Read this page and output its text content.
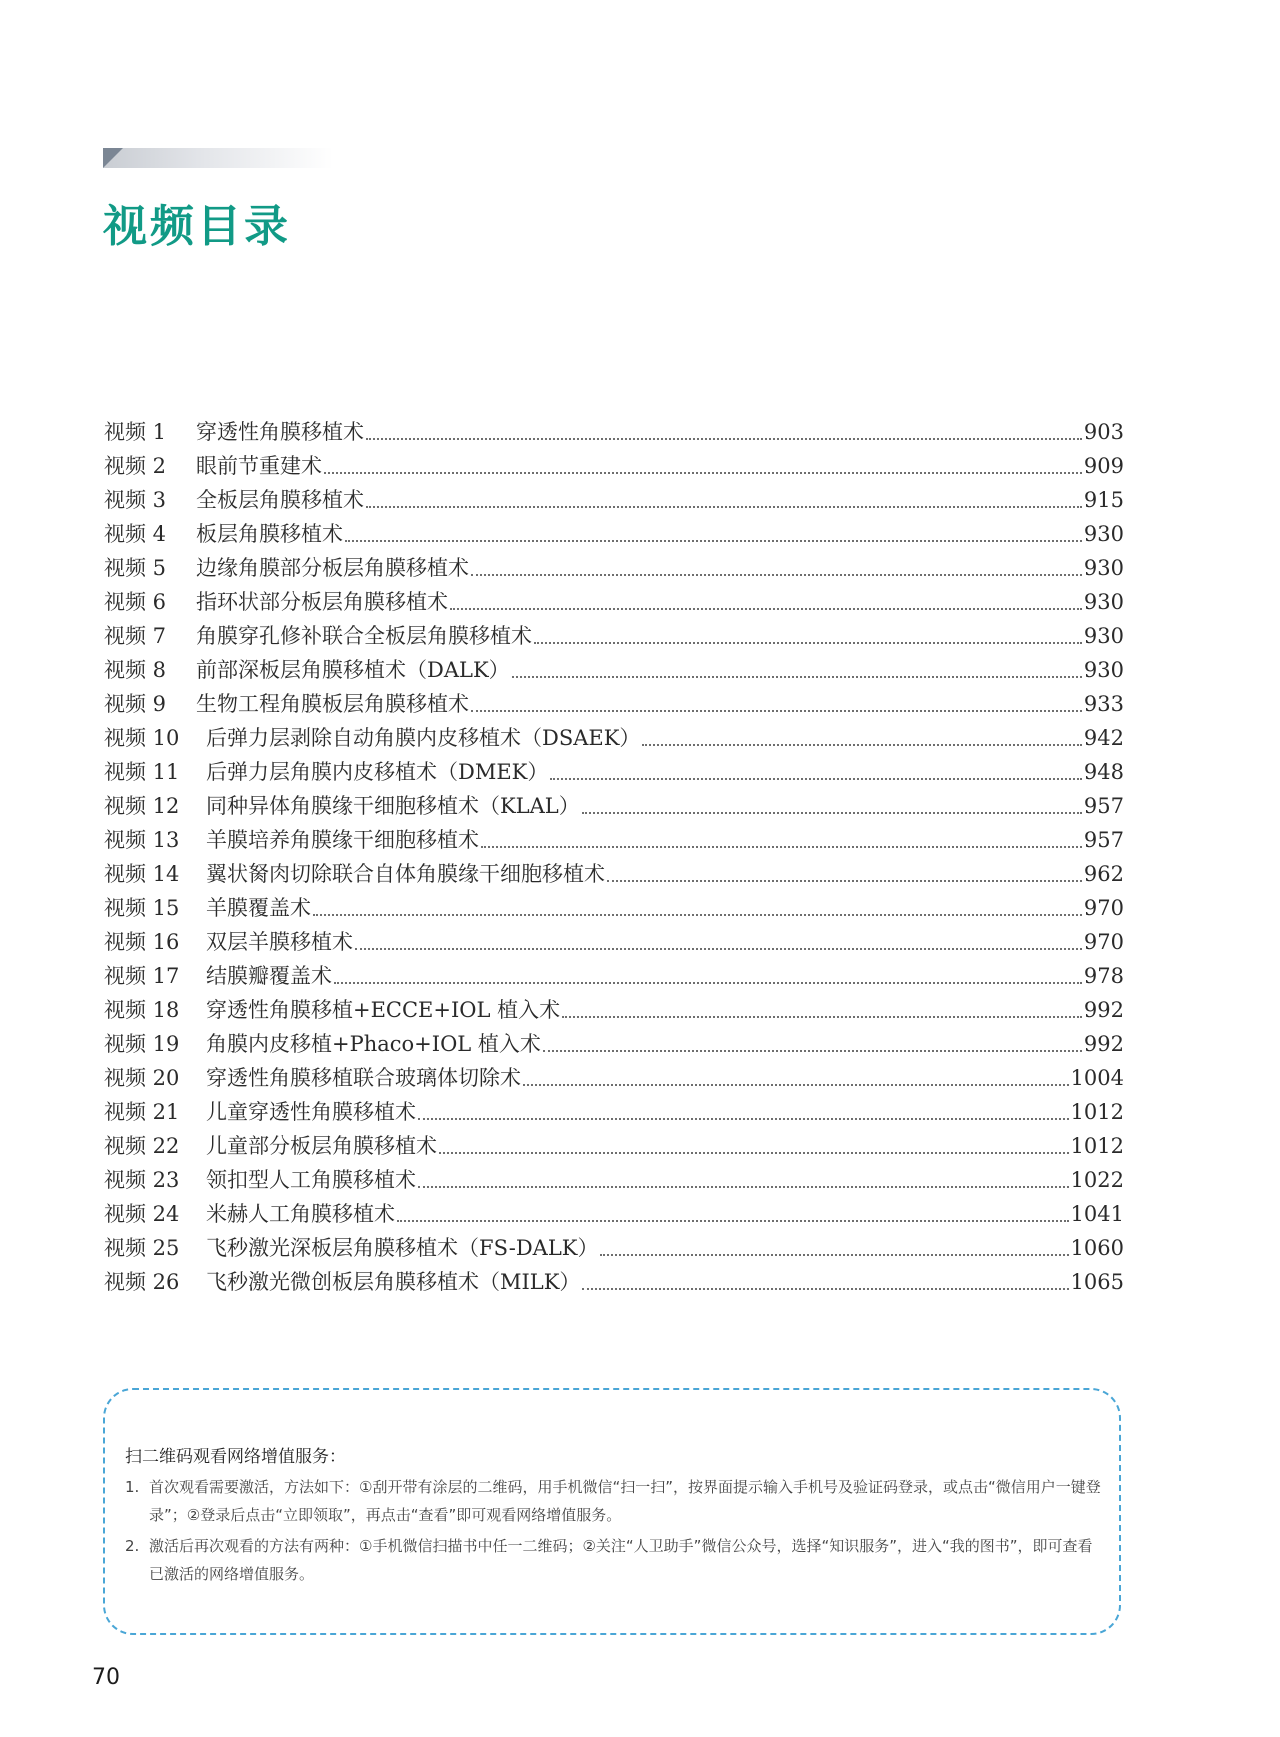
视频目录
视频 1	穿透性角膜移植术	903
视频 2	眼前节重建术	909
视频 3	全板层角膜移植术	915
视频 4	板层角膜移植术	930
视频 5	边缘角膜部分板层角膜移植术	930
视频 6	指环状部分板层角膜移植术	930
视频 7	角膜穿孔修补联合全板层角膜移植术	930
视频 8	前部深板层角膜移植术（DALK）	930
视频 9	生物工程角膜板层角膜移植术	933
视频 10	后弹力层剥除自动角膜内皮移植术（DSAEK）	942
视频 11	后弹力层角膜内皮移植术（DMEK）	948
视频 12	同种异体角膜缘干细胞移植术（KLAL）	957
视频 13	羊膜培养角膜缘干细胞移植术	957
视频 14	翼状胬肉切除联合自体角膜缘干细胞移植术	962
视频 15	羊膜覆盖术	970
视频 16	双层羊膜移植术	970
视频 17	结膜瓣覆盖术	978
视频 18	穿透性角膜移植+ECCE+IOL 植入术	992
视频 19	角膜内皮移植+Phaco+IOL 植入术	992
视频 20	穿透性角膜移植联合玻璃体切除术	1004
视频 21	儿童穿透性角膜移植术	1012
视频 22	儿童部分板层角膜移植术	1012
视频 23	领扣型人工角膜移植术	1022
视频 24	米赫人工角膜移植术	1041
视频 25	飞秒激光深板层角膜移植术（FS-DALK）	1060
视频 26	飞秒激光微创板层角膜移植术（MILK）	1065

扫二维码观看网络增值服务：

1. 首次观看需要激活，方法如下：①刮开带有涂层的二维码，用手机微信“扫一扫”，按界面提示输入手机号及验证码登录，或点击“微信用户一键登录”；②登录后点击“立即领取”，再点击“查看”即可观看网络增值服务。
2. 激活后再次观看的方法有两种：①手机微信扫描书中任一二维码；②关注“人卫助手”微信公众号，选择“知识服务”，进入“我的图书”，即可查看已激活的网络增值服务。
70
